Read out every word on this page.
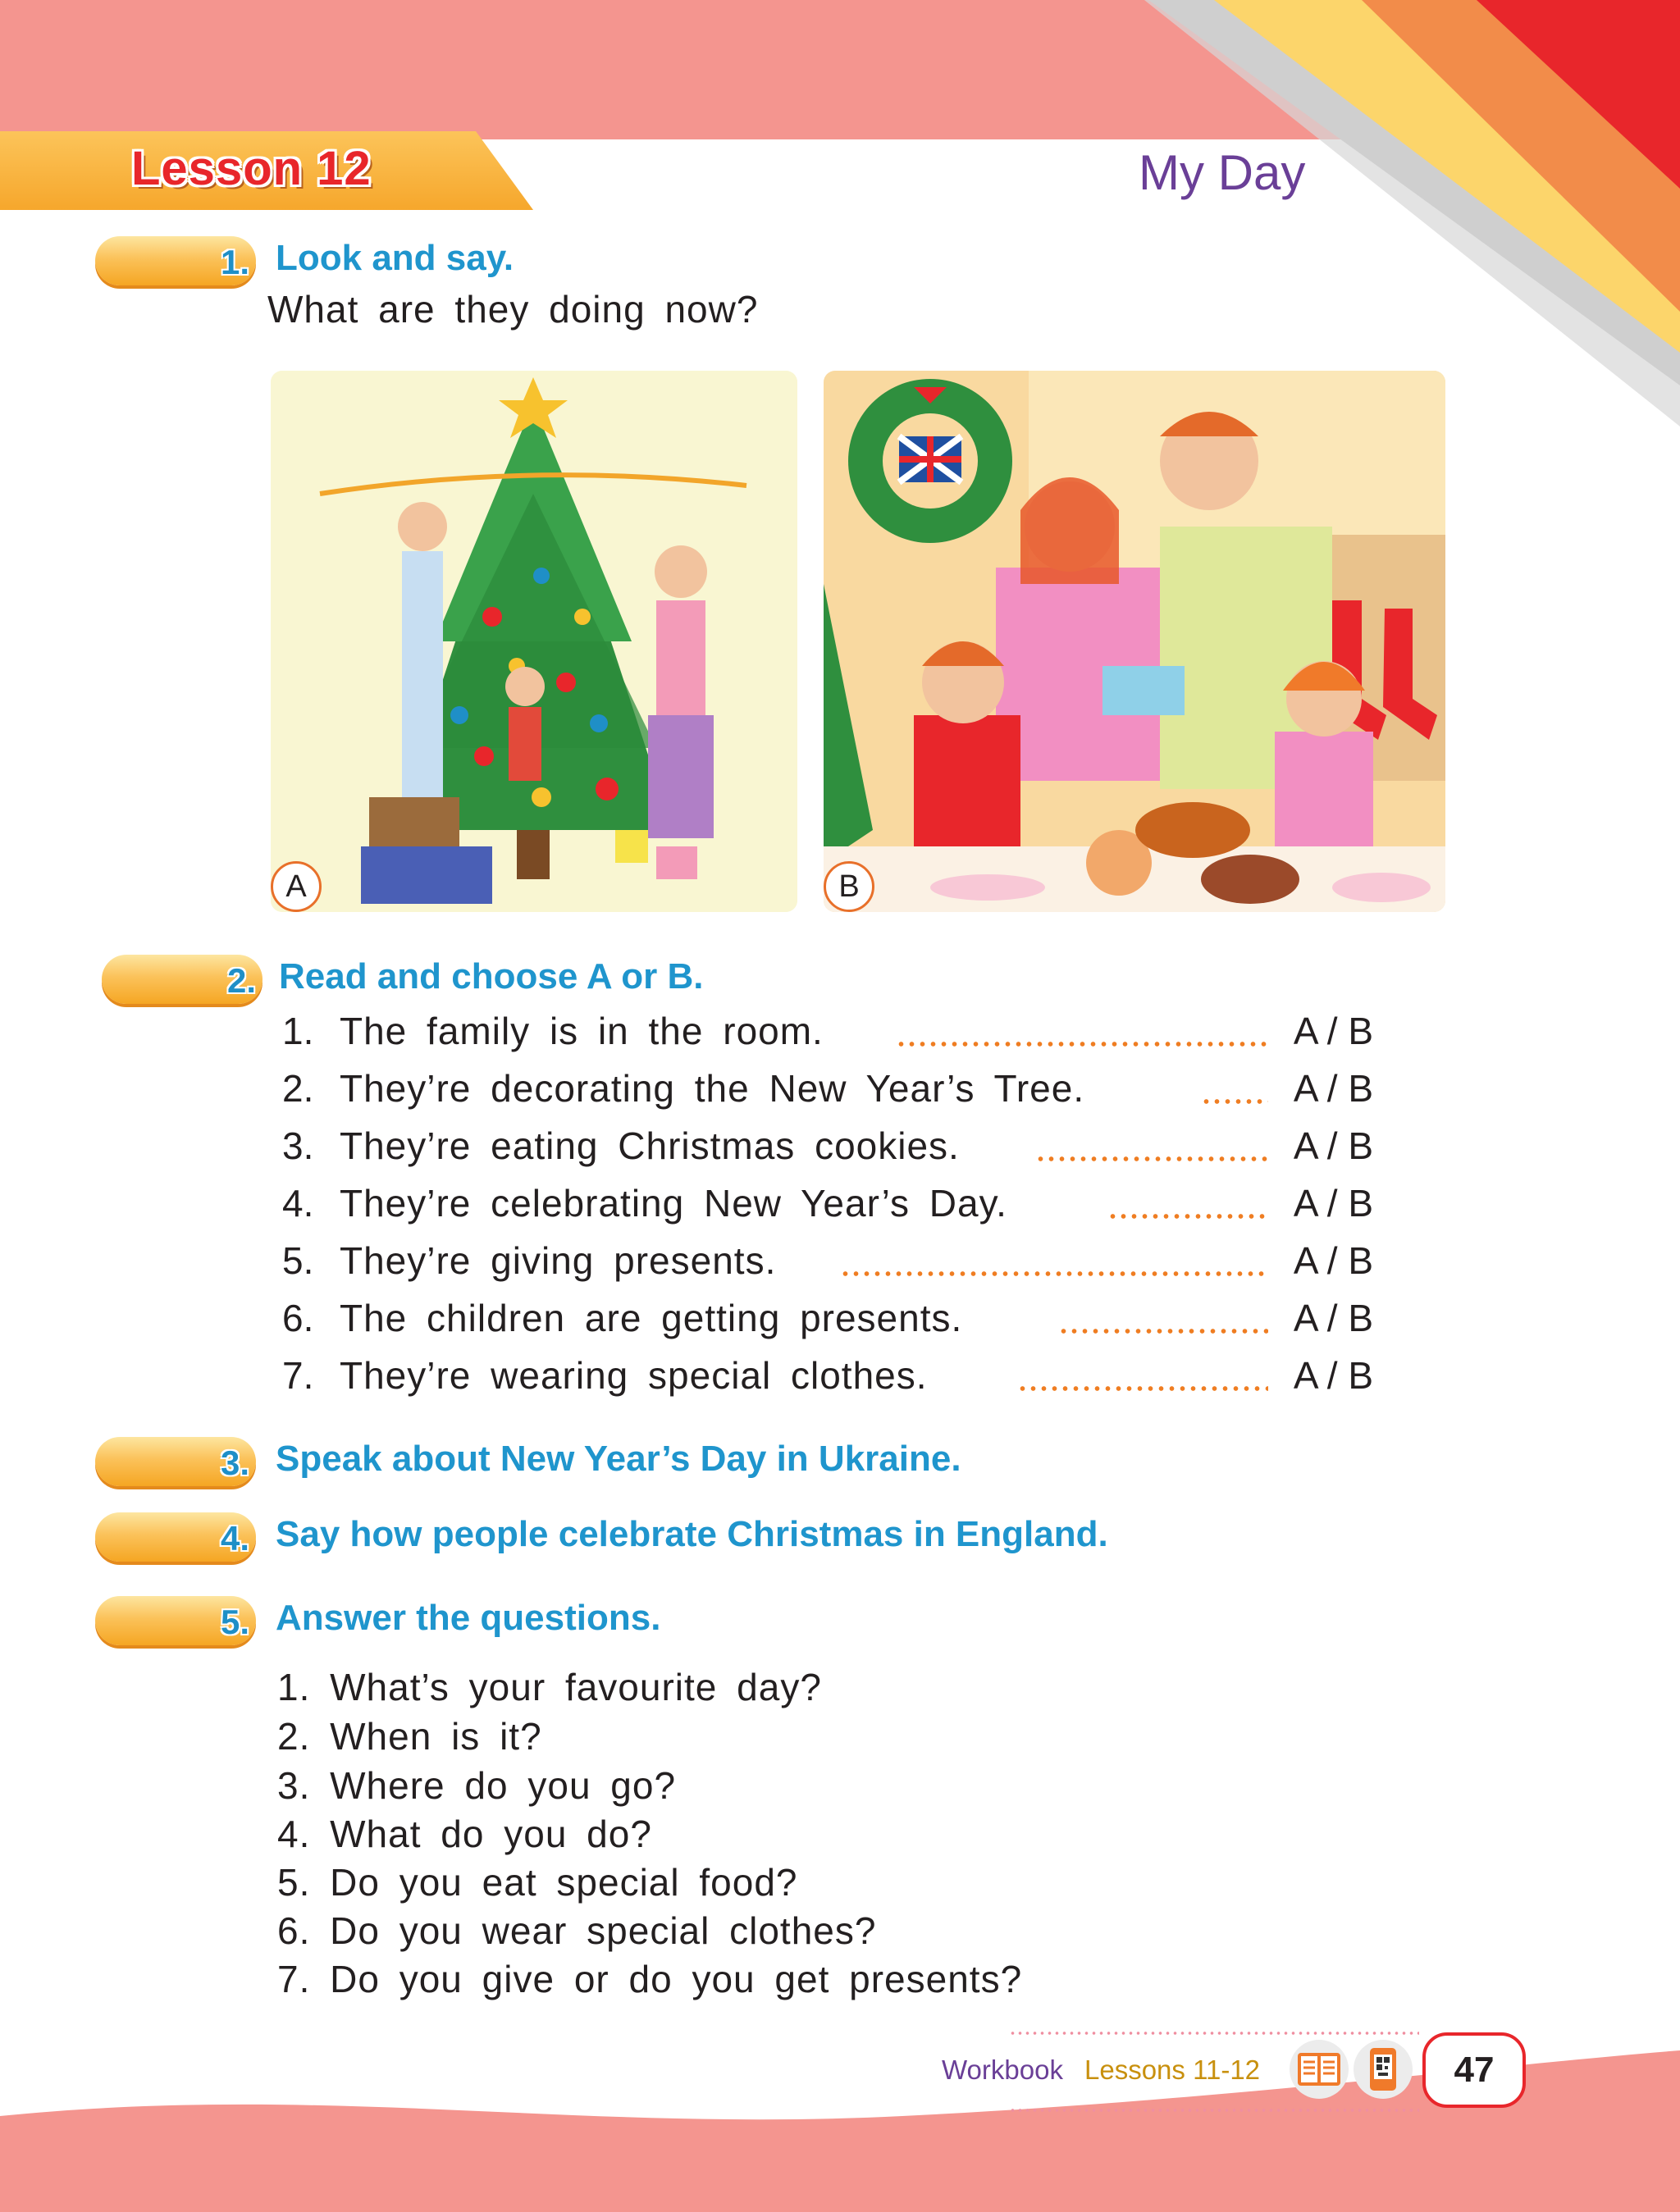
Lesson 12	My Day
1. Look and say.
What are they doing now?
A	B
2. Read and choose A or B.
1. The family is in the room.	A / B
2. They’re decorating the New Year’s Tree.	A / B
3. They’re eating Christmas cookies.	A / B
4. They’re celebrating New Year’s Day.	A / B
5. They’re giving presents.	A / B
6. The children are getting presents.	A / B
7. They’re wearing special clothes.	A / B
3. Speak about New Year’s Day in Ukraine.
4. Say how people celebrate Christmas in England.
5. Answer the questions.
1. What’s your favourite day?
2. When is it?
3. Where do you go?
4. What do you do?
5. Do you eat special food?
6. Do you wear special clothes?
7. Do you give or do you get presents?
Workbook Lessons 11-12	47
